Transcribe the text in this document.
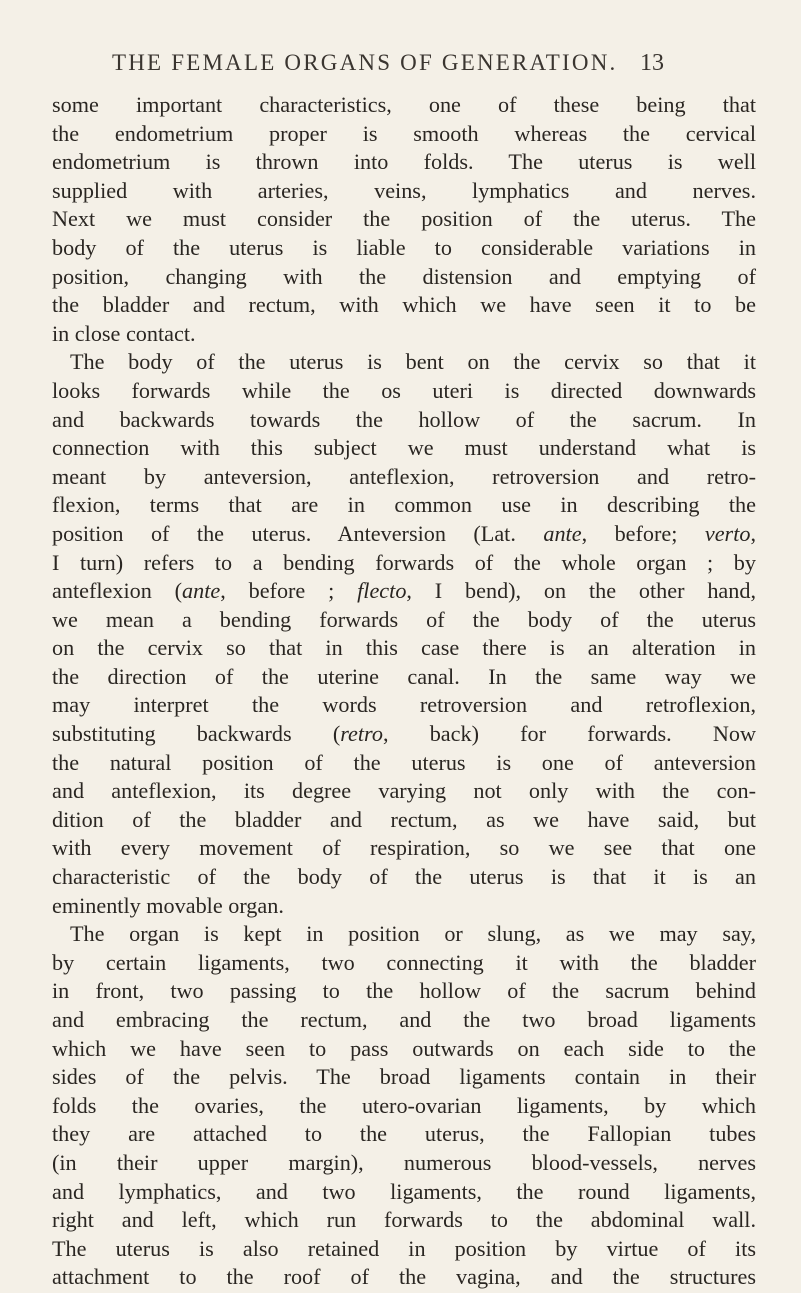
THE FEMALE ORGANS OF GENERATION. 13
some important characteristics, one of these being that
the endometrium proper is smooth whereas the cervical
endometrium is thrown into folds. The uterus is well
supplied with arteries, veins, lymphatics and nerves.
Next we must consider the position of the uterus. The
body of the uterus is liable to considerable variations in
position, changing with the distension and emptying of
the bladder and rectum, with which we have seen it to be
in close contact.
The body of the uterus is bent on the cervix so that it
looks forwards while the os uteri is directed downwards
and backwards towards the hollow of the sacrum. In
connection with this subject we must understand what is
meant by anteversion, anteflexion, retroversion and retro-
flexion, terms that are in common use in describing the
position of the uterus. Anteversion (Lat. ante, before; verto,
I turn) refers to a bending forwards of the whole organ ; by
anteflexion (ante, before ; flecto, I bend), on the other hand,
we mean a bending forwards of the body of the uterus
on the cervix so that in this case there is an alteration in
the direction of the uterine canal. In the same way we
may interpret the words retroversion and retroflexion,
substituting backwards (retro, back) for forwards. Now
the natural position of the uterus is one of anteversion
and anteflexion, its degree varying not only with the con-
dition of the bladder and rectum, as we have said, but
with every movement of respiration, so we see that one
characteristic of the body of the uterus is that it is an
eminently movable organ.
The organ is kept in position or slung, as we may say,
by certain ligaments, two connecting it with the bladder
in front, two passing to the hollow of the sacrum behind
and embracing the rectum, and the two broad ligaments
which we have seen to pass outwards on each side to the
sides of the pelvis. The broad ligaments contain in their
folds the ovaries, the utero-ovarian ligaments, by which
they are attached to the uterus, the Fallopian tubes
(in their upper margin), numerous blood-vessels, nerves
and lymphatics, and two ligaments, the round ligaments,
right and left, which run forwards to the abdominal wall.
The uterus is also retained in position by virtue of its
attachment to the roof of the vagina, and the structures
